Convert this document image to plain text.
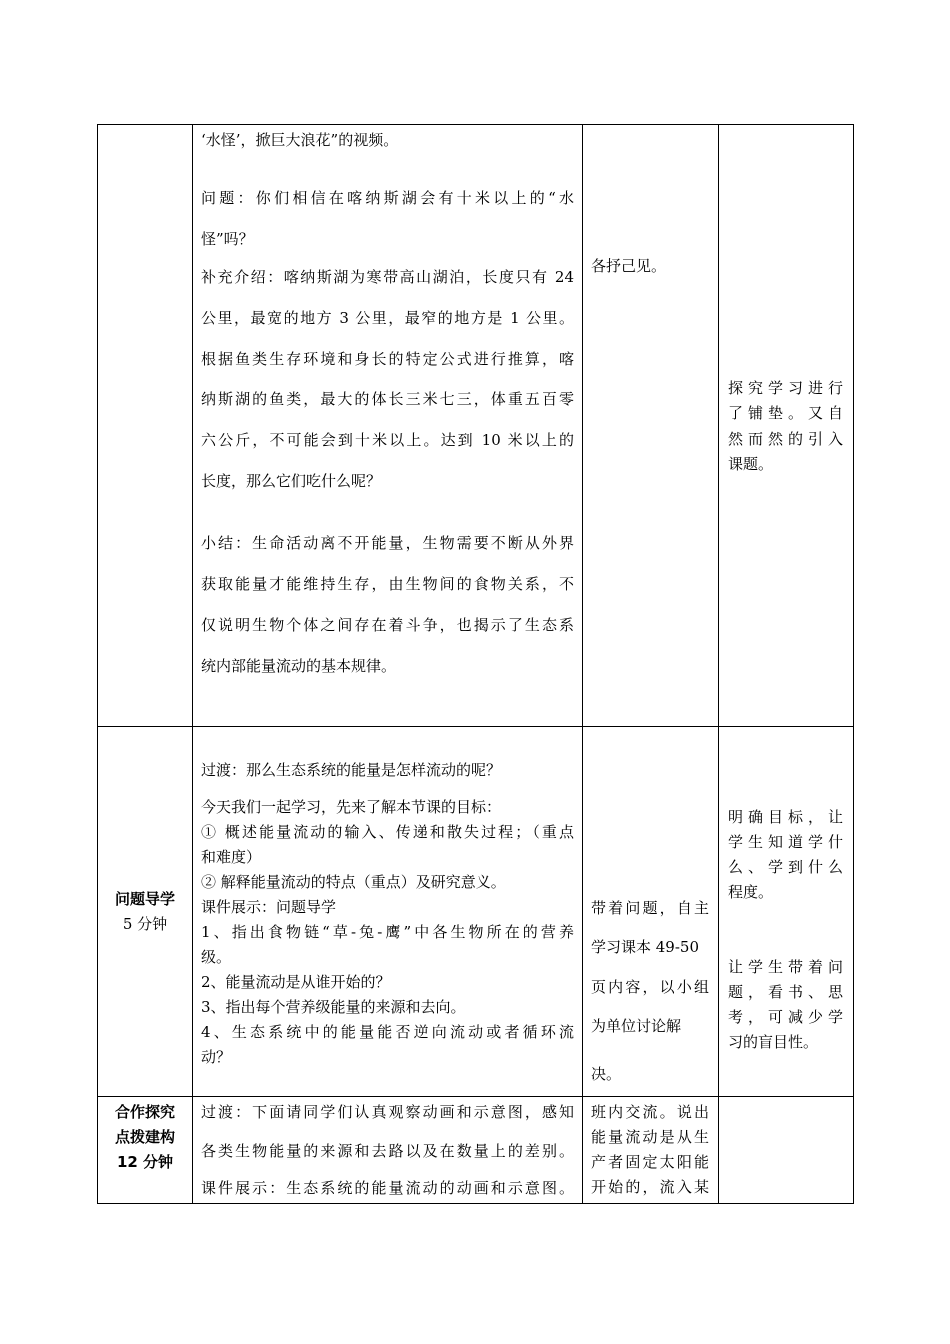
‘水怪’，掀巨大浪花”的视频。
问题：你们相信在喀纳斯湖会有十米以上的“水
怪”吗？
补充介绍：喀纳斯湖为寒带高山湖泊，长度只有 24
公里，最宽的地方 3 公里，最窄的地方是 1 公里。
根据鱼类生存环境和身长的特定公式进行推算，喀
纳斯湖的鱼类，最大的体长三米七三，体重五百零
六公斤，不可能会到十米以上。达到 10 米以上的
长度，那么它们吃什么呢？
小结：生命活动离不开能量，生物需要不断从外界
获取能量才能维持生存，由生物间的食物关系，不
仅说明生物个体之间存在着斗争，也揭示了生态系
统内部能量流动的基本规律。
各抒己见。
探究学习进行
了铺垫。又自
然而然的引入
课题。
问题导学
5 分钟
过渡：那么生态系统的能量是怎样流动的呢？
今天我们一起学习，先来了解本节课的目标：
① 概述能量流动的输入、传递和散失过程；（重点
和难度）
② 解释能量流动的特点（重点）及研究意义。
课件展示：问题导学
1、指出食物链“草-兔-鹰”中各生物所在的营养
级。
2、能量流动是从谁开始的？
3、指出每个营养级能量的来源和去向。
4、生态系统中的能量能否逆向流动或者循环流
动？
带着问题，自主
学习课本 49-50
页内容，以小组
为单位讨论解
决。
明确目标，让
学生知道学什
么、学到什么
程度。
让学生带着问
题，看书、思
考，可减少学
习的盲目性。
合作探究
点拨建构
12 分钟
过渡：下面请同学们认真观察动画和示意图，感知
各类生物能量的来源和去路以及在数量上的差别。
课件展示：生态系统的能量流动的动画和示意图。
班内交流。说出
能量流动是从生
产者固定太阳能
开始的，流入某
